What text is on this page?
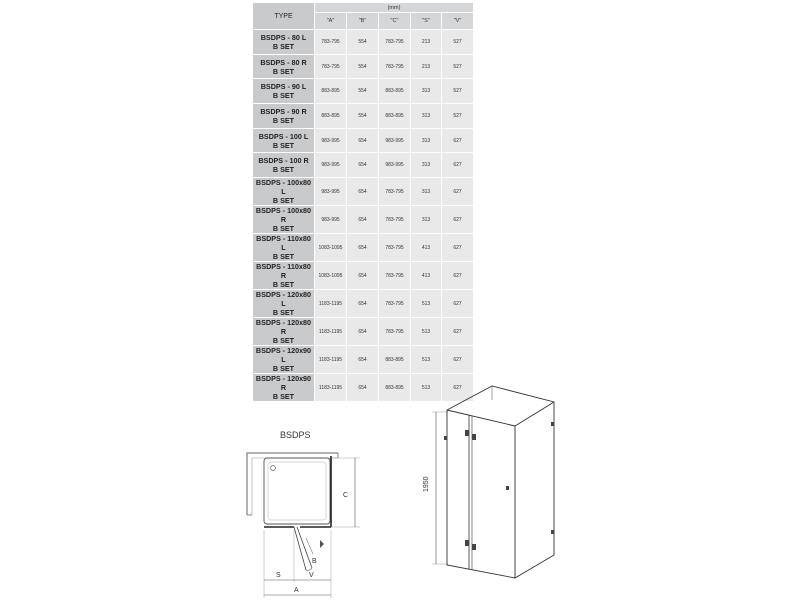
TYPE	(mm)				
	"A"	"B"	"C"	"S"	"V"

BSDPS - 80 L
B SET	783-795	554	783-795	213	527

BSDPS - 80 R
B SET	783-795	554	783-795	213	527

BSDPS - 90 L
B SET	883-895	554	883-895	313	527

BSDPS - 90 R
B SET	883-895	554	883-895	313	527

BSDPS - 100 L
B SET	983-995	654	983-995	313	627

BSDPS - 100 R
B SET	983-995	654	983-995	313	627

BSDPS - 100x80 L
B SET	983-995	654	783-795	313	627

BSDPS - 100x80 R
B SET	983-995	654	783-795	313	627

BSDPS - 110x80 L
B SET	1083-1095	654	783-795	413	627

BSDPS - 110x80 R
B SET	1083-1095	654	783-795	413	627

BSDPS - 120x80 L
B SET	1183-1195	654	783-795	513	627

BSDPS - 120x80 R
B SET	1183-1195	654	783-795	513	627

BSDPS - 120x90 L
B SET	1183-1195	654	883-895	513	627

BSDPS - 120x90 R
B SET	1183-1195	654	883-895	513	627
BSDPS
B
C
S	V
A
1950
